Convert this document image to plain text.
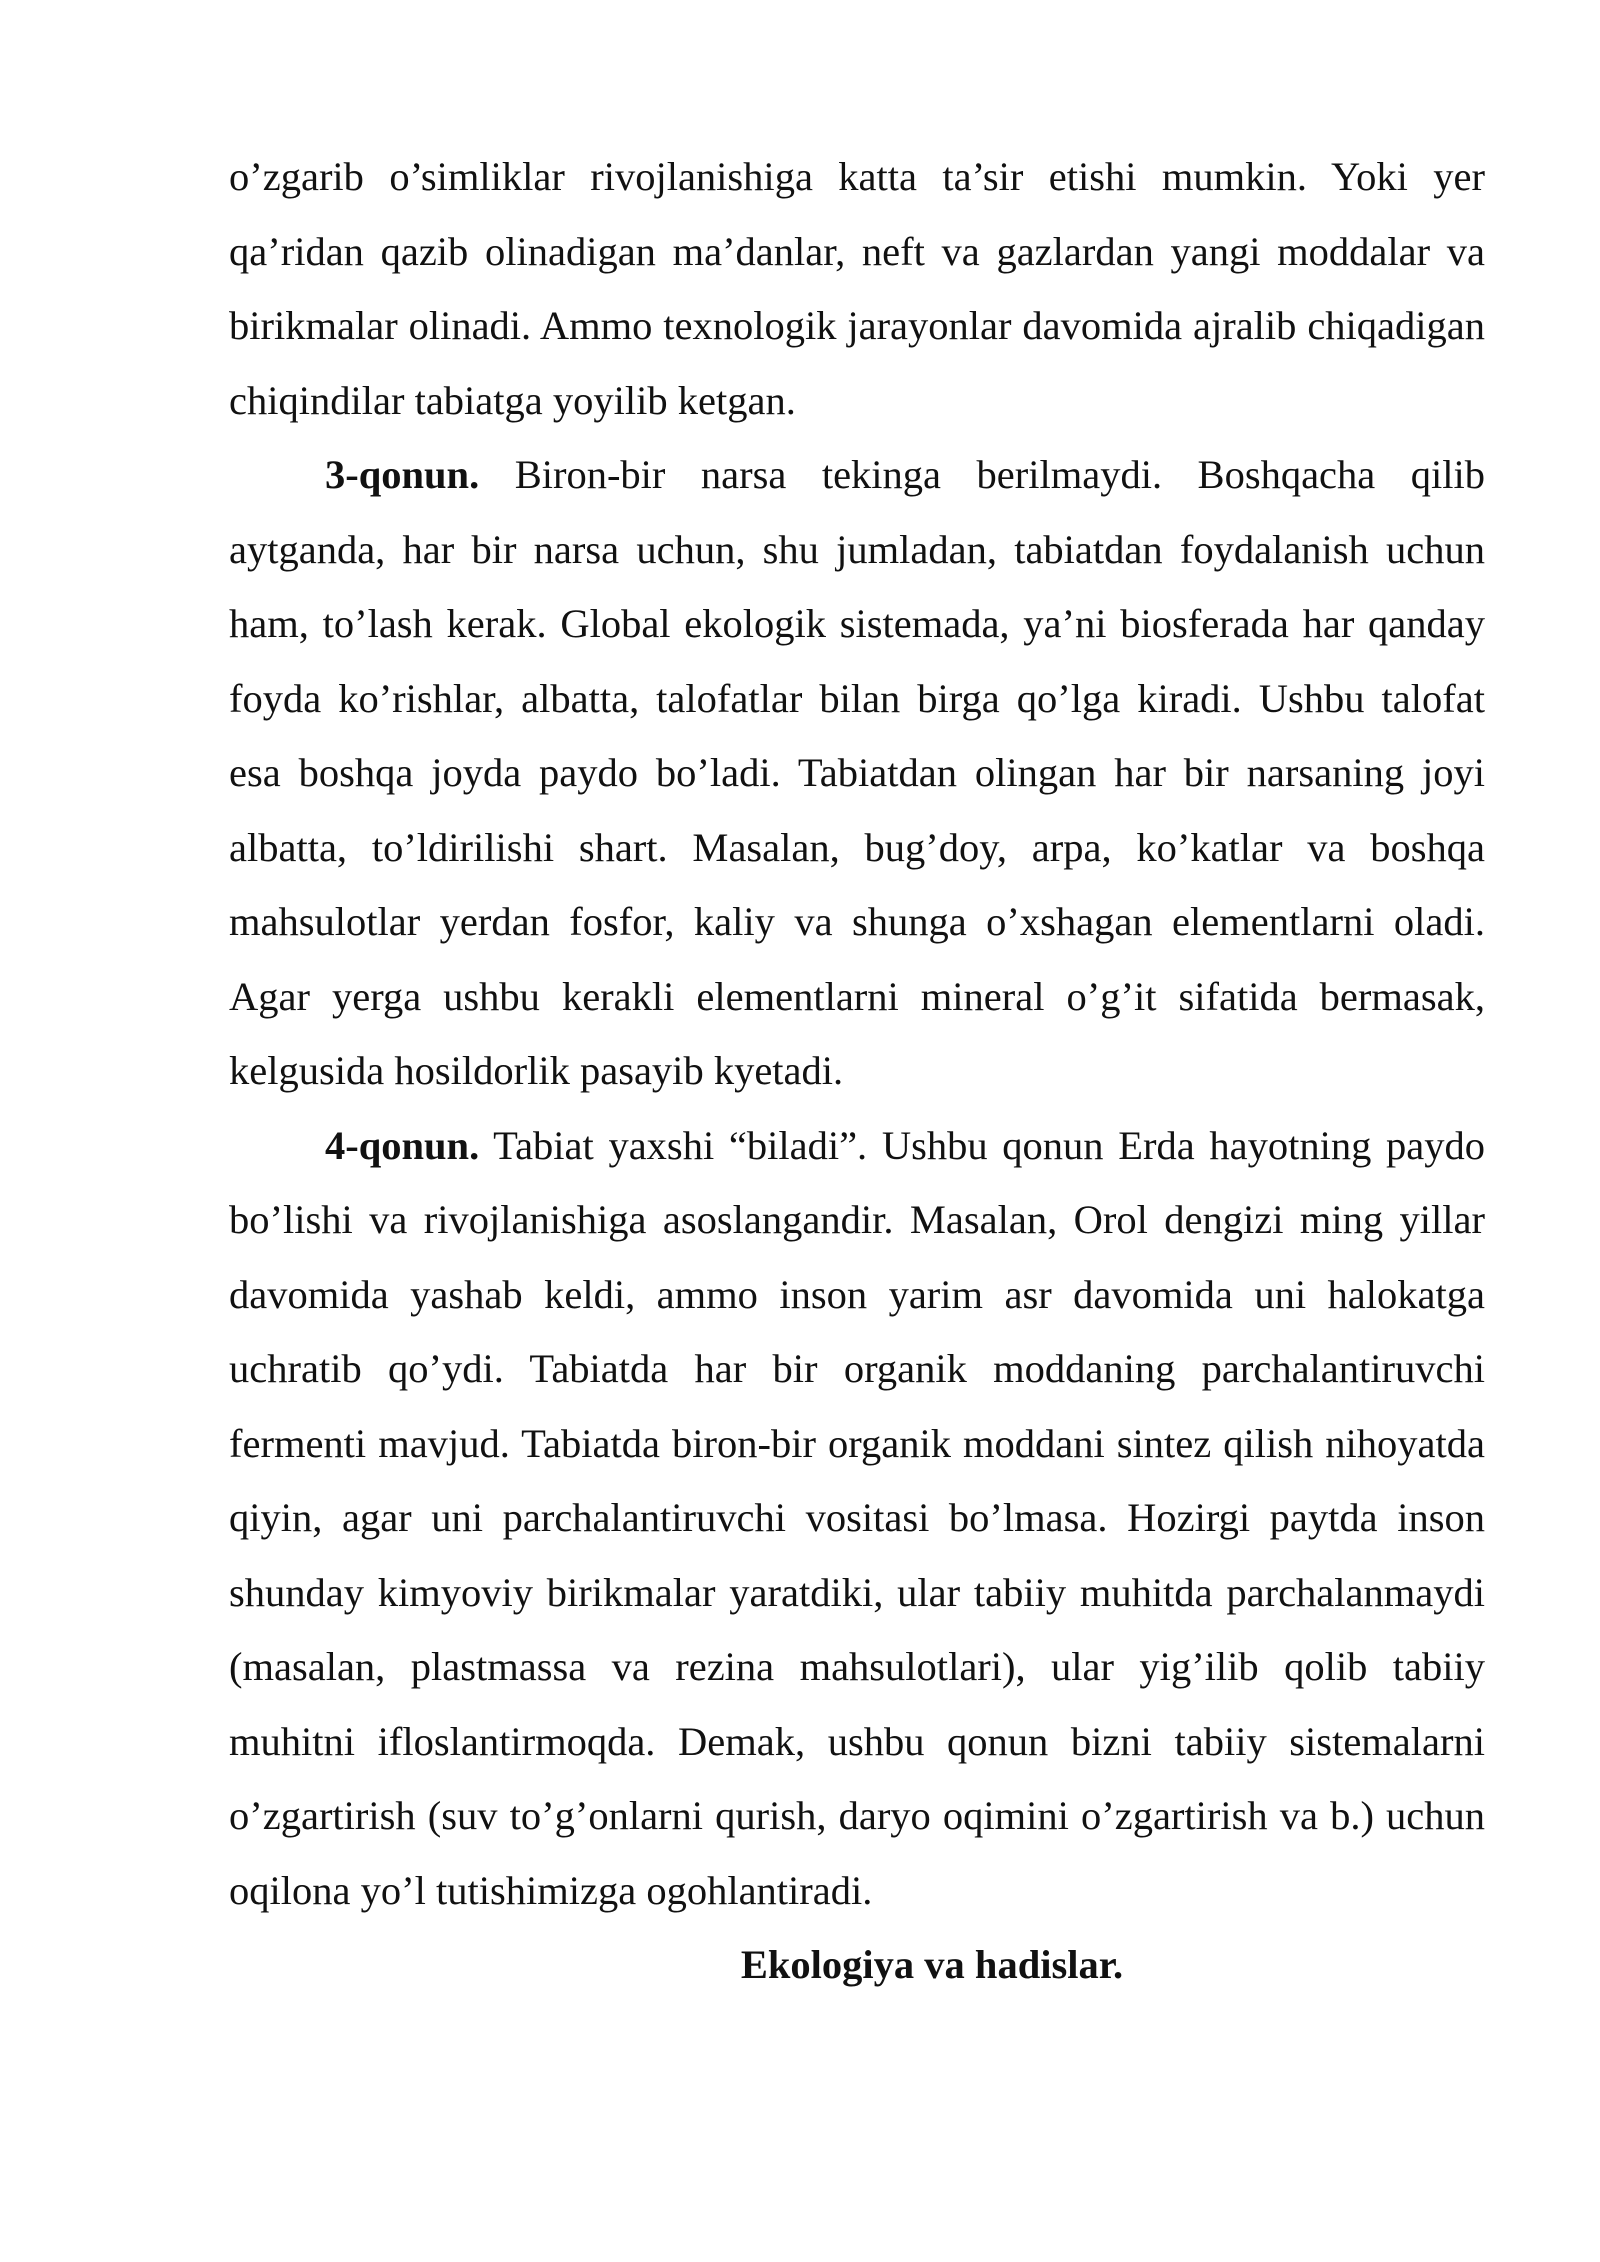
o’zgarib o’simliklar rivojlanishiga katta ta’sir etishi mumkin. Yoki yer qa’ridan qazib olinadigan ma’danlar, neft va gazlardan yangi moddalar va birikmalar olinadi. Ammo texnologik jarayonlar davomida ajralib chiqadigan chiqindilar tabiatga yoyilib ketgan.

3-qonun. Biron-bir narsa tekinga berilmaydi. Boshqacha qilib aytganda, har bir narsa uchun, shu jumladan, tabiatdan foydalanish uchun ham, to’lash kerak. Global ekologik sistemada, ya’ni biosferada har qanday foyda ko’rishlar, albatta, talofatlar bilan birga qo’lga kiradi. Ushbu talofat esa boshqa joyda paydo bo’ladi. Tabiatdan olingan har bir narsaning joyi albatta, to’ldirilishi shart. Masalan, bug’doy, arpa, ko’katlar va boshqa mahsulotlar yerdan fosfor, kaliy va shunga o’xshagan elementlarni oladi. Agar yerga ushbu kerakli elementlarni mineral o’g’it sifatida bermasak, kelgusida hosildorlik pasayib kyetadi.

4-qonun. Tabiat yaxshi “biladi”. Ushbu qonun Erda hayotning paydo bo’lishi va rivojlanishiga asoslangandir. Masalan, Orol dengizi ming yillar davomida yashab keldi, ammo inson yarim asr davomida uni halokatga uchratib qo’ydi. Tabiatda har bir organik moddaning parchalantiruvchi fermenti mavjud. Tabiatda biron-bir organik moddani sintez qilish nihoyatda qiyin, agar uni parchalantiruvchi vositasi bo’lmasa. Hozirgi paytda inson shunday kimyoviy birikmalar yaratdiki, ular tabiiy muhitda parchalanmaydi (masalan, plastmassa va rezina mahsulotlari), ular yig’ilib qolib tabiiy muhitni ifloslantirmoqda. Demak, ushbu qonun bizni tabiiy sistemalarni o’zgartirish (suv to’g’onlarni qurish, daryo oqimini o’zgartirish va b.) uchun oqilona yo’l tutishimizga ogohlantiradi.

Ekologiya va hadislar.
